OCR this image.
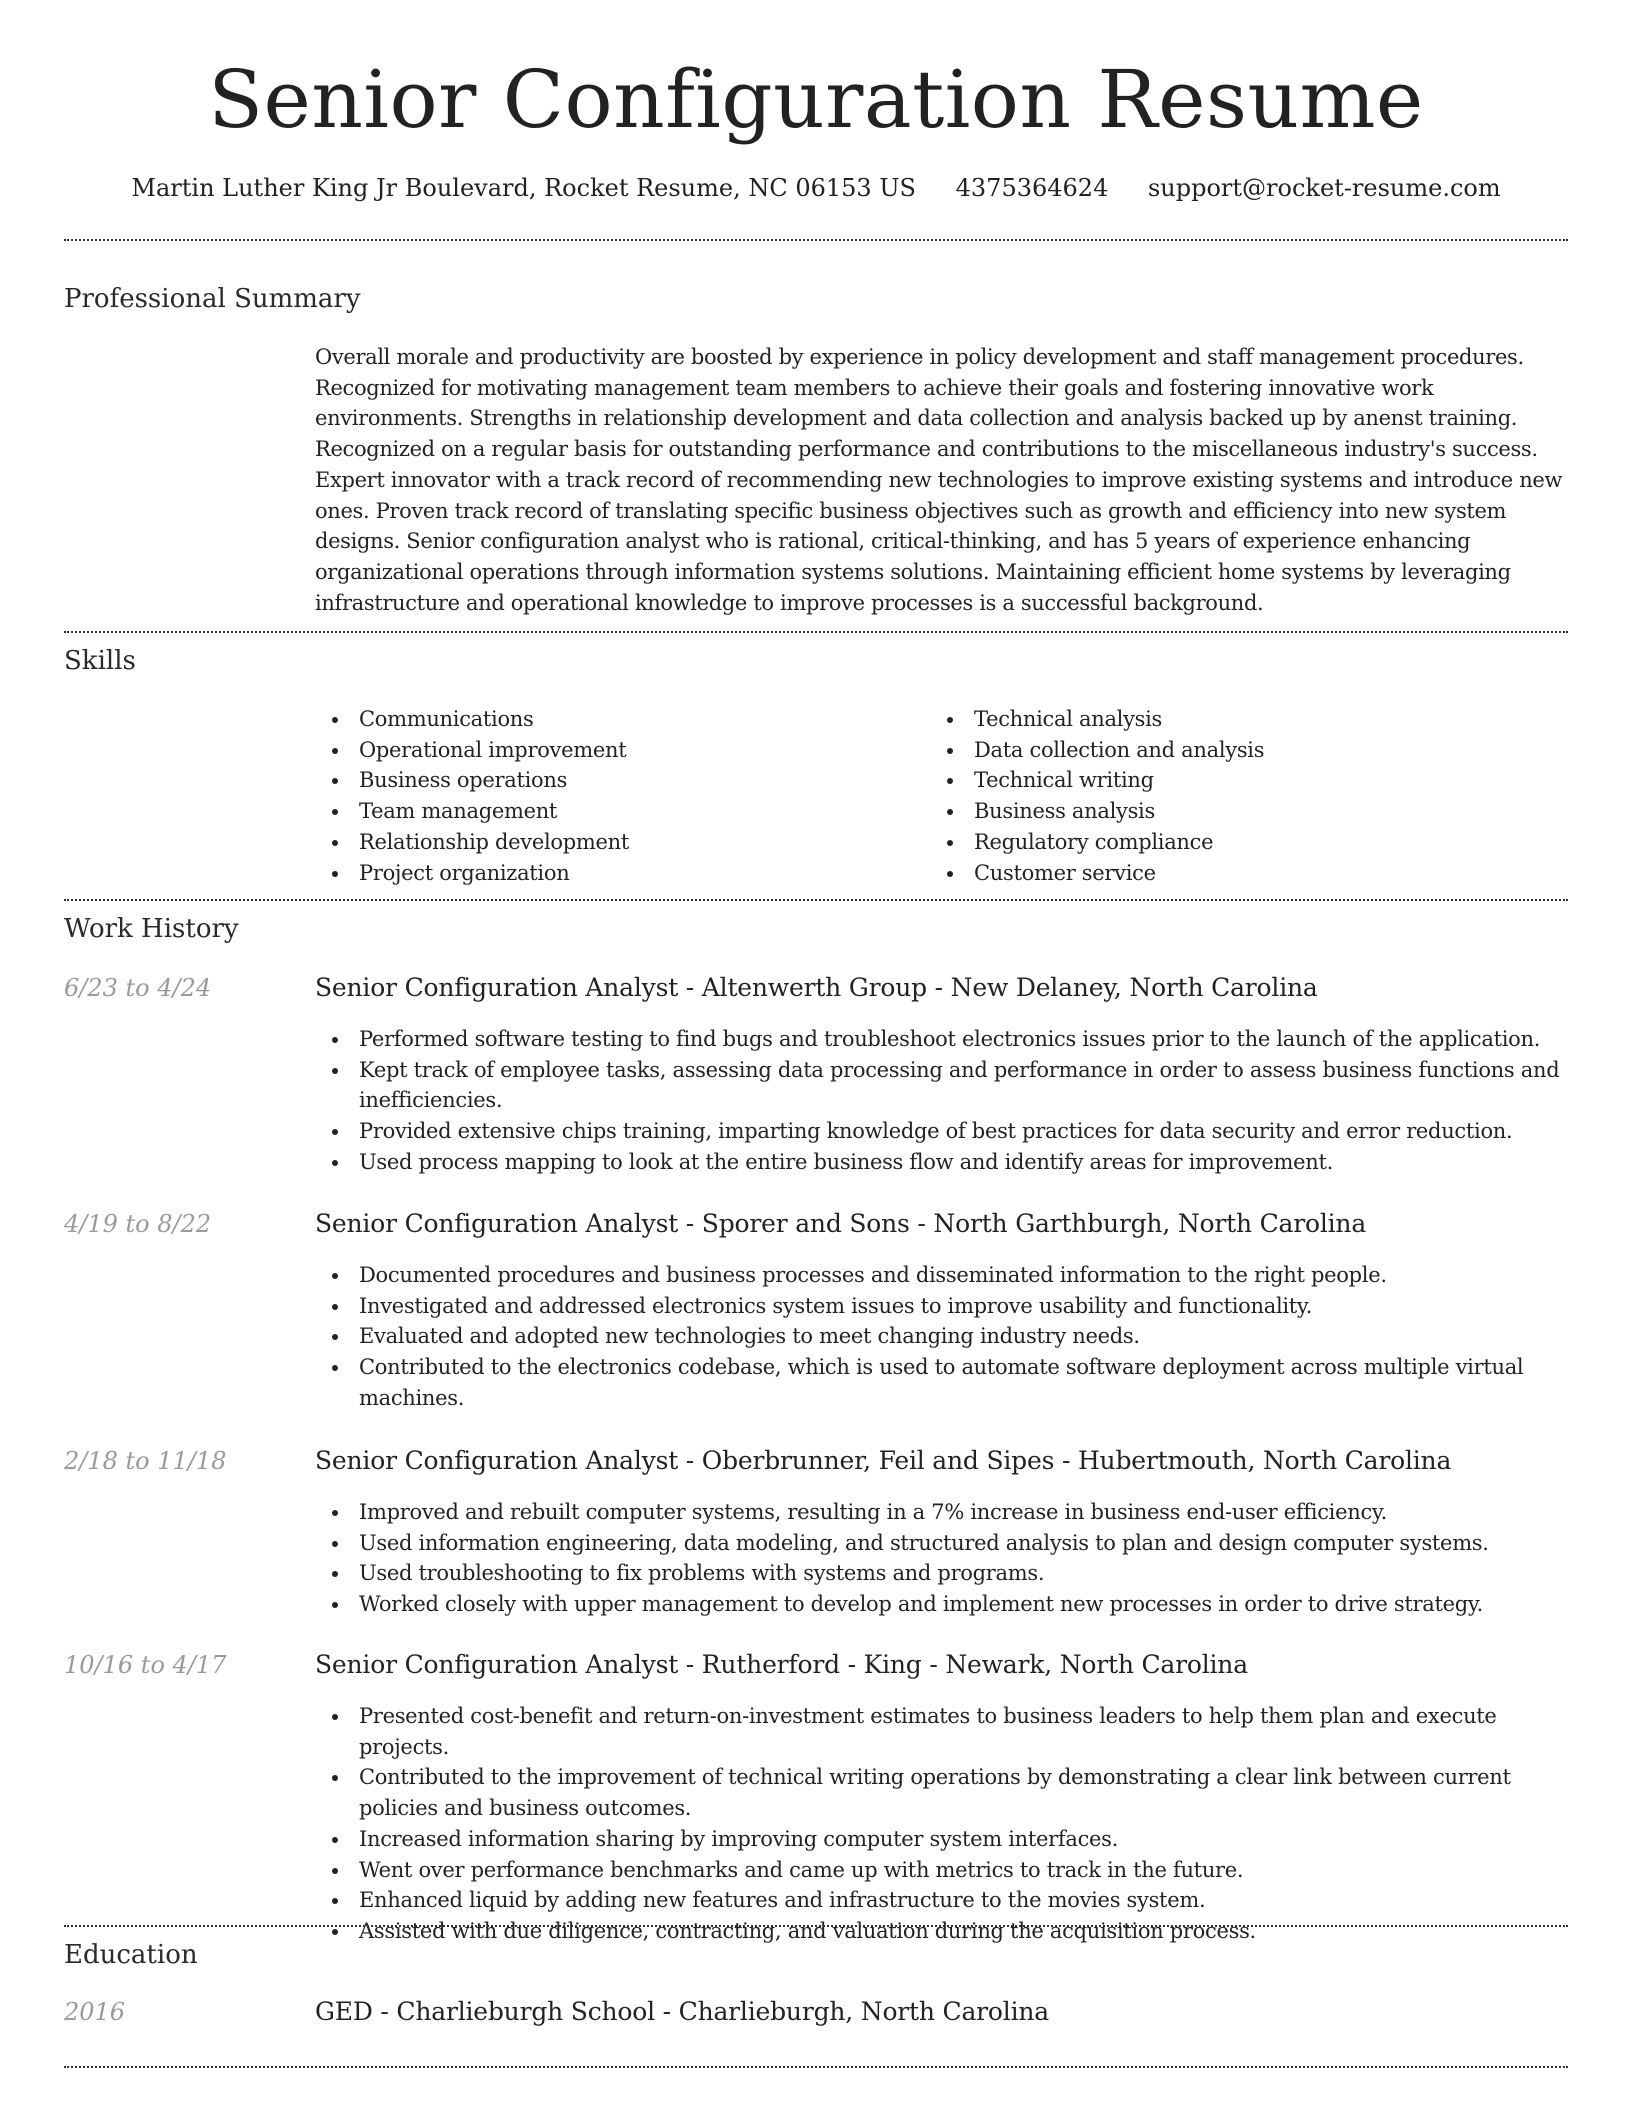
Senior Configuration Resume
Martin Luther King Jr Boulevard, Rocket Resume, NC 06153 US 4375364624 support@rocket-resume.com
Professional Summary
Overall morale and productivity are boosted by experience in policy development and staff management procedures. Recognized for motivating management team members to achieve their goals and fostering innovative work environments. Strengths in relationship development and data collection and analysis backed up by anenst training. Recognized on a regular basis for outstanding performance and contributions to the miscellaneous industry's success. Expert innovator with a track record of recommending new technologies to improve existing systems and introduce new ones. Proven track record of translating specific business objectives such as growth and efficiency into new system designs. Senior configuration analyst who is rational, critical-thinking, and has 5 years of experience enhancing organizational operations through information systems solutions. Maintaining efficient home systems by leveraging infrastructure and operational knowledge to improve processes is a successful background.
Skills
Communications
Operational improvement
Business operations
Team management
Relationship development
Project organization
Technical analysis
Data collection and analysis
Technical writing
Business analysis
Regulatory compliance
Customer service
Work History
6/23 to 4/24	Senior Configuration Analyst - Altenwerth Group - New Delaney, North Carolina
Performed software testing to find bugs and troubleshoot electronics issues prior to the launch of the application.
Kept track of employee tasks, assessing data processing and performance in order to assess business functions and inefficiencies.
Provided extensive chips training, imparting knowledge of best practices for data security and error reduction.
Used process mapping to look at the entire business flow and identify areas for improvement.
4/19 to 8/22	Senior Configuration Analyst - Sporer and Sons - North Garthburgh, North Carolina
Documented procedures and business processes and disseminated information to the right people.
Investigated and addressed electronics system issues to improve usability and functionality.
Evaluated and adopted new technologies to meet changing industry needs.
Contributed to the electronics codebase, which is used to automate software deployment across multiple virtual machines.
2/18 to 11/18	Senior Configuration Analyst - Oberbrunner, Feil and Sipes - Hubertmouth, North Carolina
Improved and rebuilt computer systems, resulting in a 7% increase in business end-user efficiency.
Used information engineering, data modeling, and structured analysis to plan and design computer systems.
Used troubleshooting to fix problems with systems and programs.
Worked closely with upper management to develop and implement new processes in order to drive strategy.
10/16 to 4/17	Senior Configuration Analyst - Rutherford - King - Newark, North Carolina
Presented cost-benefit and return-on-investment estimates to business leaders to help them plan and execute projects.
Contributed to the improvement of technical writing operations by demonstrating a clear link between current policies and business outcomes.
Increased information sharing by improving computer system interfaces.
Went over performance benchmarks and came up with metrics to track in the future.
Enhanced liquid by adding new features and infrastructure to the movies system.
Assisted with due diligence, contracting, and valuation during the acquisition process.
Education
2016	GED - Charlieburgh School - Charlieburgh, North Carolina
